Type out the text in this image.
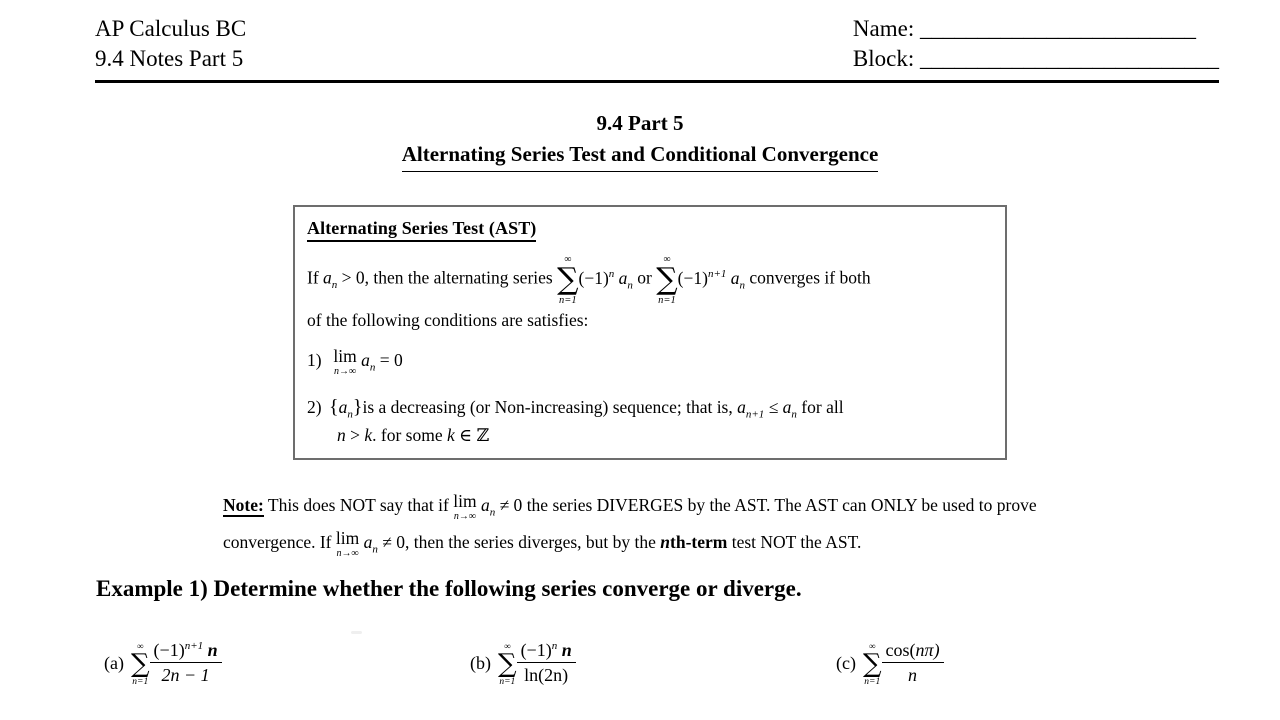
AP Calculus BC
9.4 Notes Part 5
Name: ________________________
Block: __________________________
9.4 Part 5
Alternating Series Test and Conditional Convergence
Alternating Series Test (AST)
If $a_n > 0$, then the alternating series
∞
∑
n=1
$(-1)^n$ $a_n$ or
∞
∑
n=1
$(-1)^{n+1}$ $a_n$ converges if both
of the following conditions are satisfies:
1) lim
n→∞
$a_n = 0$
2) $\{a_n\}is$ a decreasing (or Non-increasing) sequence; that is, $a_{n+1} \le a_n$ for all
n > k. for some k ∈ ℤ
Note: This does NOT say that if lim
n→∞
$a_n \ne 0$ the series DIVERGES by the AST. The AST can ONLY be used to prove convergence. If lim
n→∞
$a_n \ne 0$, then the series diverges, but by the nth-term test NOT the AST.
Example 1) Determine whether the following series converge or diverge.
(a)
∞
∑
$n=1 \frac{(-1)^{n+1} n}{2n - 1}$	(b)
∞
∑
$n=1 \frac{(-1)^n n}{\ln(2n)}$	(c)
∞
∑
$n=1 \frac{\cos(n\pi)}{n}$
